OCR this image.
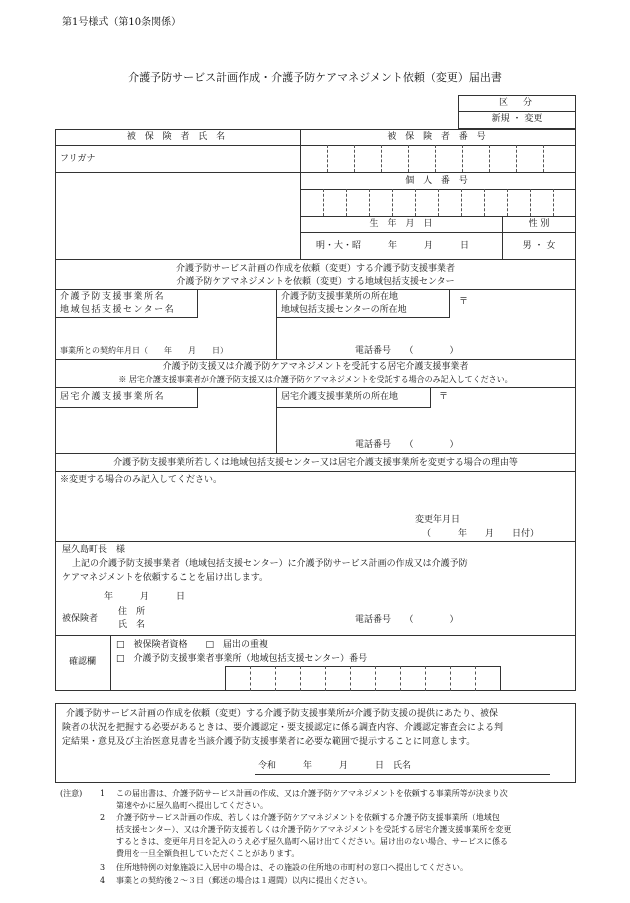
第1号様式（第10条関係）
介護予防サービス計画作成・介護予防ケアマネジメント依頼（変更）届出書
区　分
新規 ・ 変更
被 保 険 者 氏 名	被 保 険 者 番 号
フリガナ
個 人 番 号
生　年　月　日	性 別
明・大・昭　　　年　　　月　　　日	男 ・ 女
介護予防サービス計画の作成を依頼（変更）する介護予防支援事業者
介護予防ケアマネジメントを依頼（変更）する地域包括支援センター
介護予防支援事業所名
地域包括支援センター名
介護予防支援事業所の所在地
地域包括支援センターの所在地
〒
事業所との契約年月日（　　年　　月　　日）	電話番号　　（　　　　）
介護予防支援又は介護予防ケアマネジメントを受託する居宅介護支援事業者
※ 居宅介護支援事業者が介護予防支援又は介護予防ケアマネジメントを受託する場合のみ記入してください。
居宅介護支援事業所名	居宅介護支援事業所の所在地	〒
電話番号　　（　　　　）
介護予防支援事業所若しくは地域包括支援センター又は居宅介護支援事業所を変更する場合の理由等
※変更する場合のみ記入してください。
変更年月日
（　　　年　　月　　日付）
屋久島町長　様
上記の介護予防支援事業者（地域包括支援センター）に介護予防サービス計画の作成又は介護予防
ケアマネジメントを依頼することを届け出します。
年　　　月　　　日
被保険者
住　所
氏　名	電話番号　　（　　　　）
確認欄
□　被保険者資格　　□　届出の重複
□　介護予防支援事業者事業所（地域包括支援センター）番号
介護予防サービス計画の作成を依頼（変更）する介護予防支援事業所が介護予防支援の提供にあたり、被保
険者の状況を把握する必要があるときは、要介護認定・要支援認定に係る調査内容、介護認定審査会による判
定結果・意見及び主治医意見書を当該介護予防支援事業者に必要な範囲で提示することに同意します。
令和　　　年　　　月　　　日　氏名
(注意) 1 この届出書は、介護予防サービス計画の作成、又は介護予防ケアマネジメントを依頼する事業所等が決まり次
第速やかに屋久島町へ提出してください。
2 介護予防サービス計画の作成、若しくは介護予防ケアマネジメントを依頼する介護予防支援事業所（地域包
括支援センター）、又は介護予防支援若しくは介護予防ケアマネジメントを受託する居宅介護支援事業所を変更
するときは、変更年月日を記入のうえ必ず屋久島町へ届け出てください。届け出のない場合、サービスに係る
費用を一旦全額負担していただくことがあります。
3 住所地特例の対象施設に入居中の場合は、その施設の住所地の市町村の窓口へ提出してください。
4 事業との契約後２～３日（郵送の場合は１週間）以内に提出ください。
